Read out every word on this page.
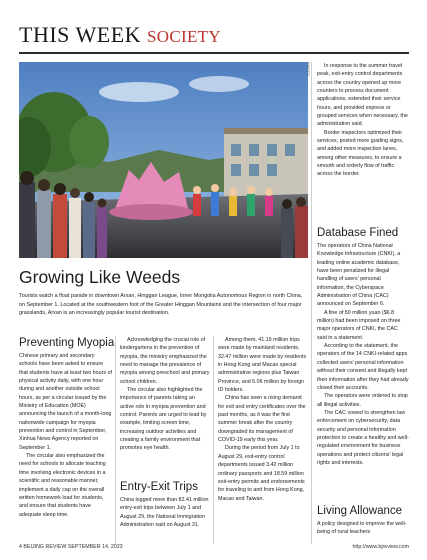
THIS WEEK SOCIETY
PHOTO
Growing Like Weeds
Tourists watch a float parade in downtown Arxan, Hinggan League, Inner Mongolia Autonomous Region in north China, on September 1. Located at the southwestern foot of the Greater Hinggan Mountains and the intersection of four major grasslands, Arxan is an increasingly popular tourist destination.
Preventing Myopia

Chinese primary and secondary schools have been asked to ensure that students have at least two hours of physical activity daily, with one hour during and another outside school hours, as per a circular issued by the Ministry of Education (MOE) announcing the launch of a month-long nationwide campaign for myopia prevention and control in September, Xinhua News Agency reported on September 1.

The circular also emphasized the need for schools to allocate teaching time involving electronic devices in a scientific and reasonable manner, implement a daily cap on the overall written homework load for students, and ensure that students have adequate sleep time.

Acknowledging the crucial role of kindergartens in the prevention of myopia, the ministry emphasized the need to manage the prevalence of myopia among preschool and primary school children.

The circular also highlighted the importance of parents taking an active role in myopia prevention and control. Parents are urged to lead by example, limiting screen time, increasing outdoor activities and creating a family environment that promotes eye health.

Entry-Exit Trips

China logged more than 82.41 million entry-exit trips between July 1 and August 29, the National Immigration Administration said on August 31.

Among them, 41.19 million trips were made by mainland residents, 32.47 million were made by residents in Hong Kong and Macao special administrative regions plus Taiwan Province, and 5.06 million by foreign ID holders.

China has seen a rising demand for exit and entry certificates over the past months, as it was the first summer break after the country downgraded its management of COVID-19 early this year.

During the period from July 1 to August 29, exit-entry control departments issued 3.42 million ordinary passports and 18.59 million exit-entry permits and endorsements for traveling to and from Hong Kong, Macao and Taiwan.

In response to the summer travel peak, exit-entry control departments across the country opened up more counters to process document applications, extended their service hours, and provided express or grouped services when necessary, the administration said.

Border inspectors optimized their services, posted more guiding signs, and added more inspection lanes, among other measures, to ensure a smooth and orderly flow of traffic across the border.

Database Fined

The operators of China National Knowledge Infrastructure (CNKI), a leading online academic database, have been penalized for illegal handling of users' personal information, the Cyberspace Administration of China (CAC) announced on September 6.

A fine of 50 million yuan ($6.8 million) had been imposed on three major operators of CNKI, the CAC said in a statement.

According to the statement, the operators of the 14 CNKI-related apps collected users' personal information without their consent and illegally kept their information after they had already closed their accounts.

The operators were ordered to stop all illegal activities.

The CAC vowed to strengthen law enforcement on cybersecurity, data security and personal information protection to create a healthy and well-regulated environment for business operations and protect citizens' legal rights and interests.

Living Allowance

A policy designed to improve the well-being of rural teachers

4 BEIJING REVIEW SEPTEMBER 14, 2023	http://www.bjreview.com
